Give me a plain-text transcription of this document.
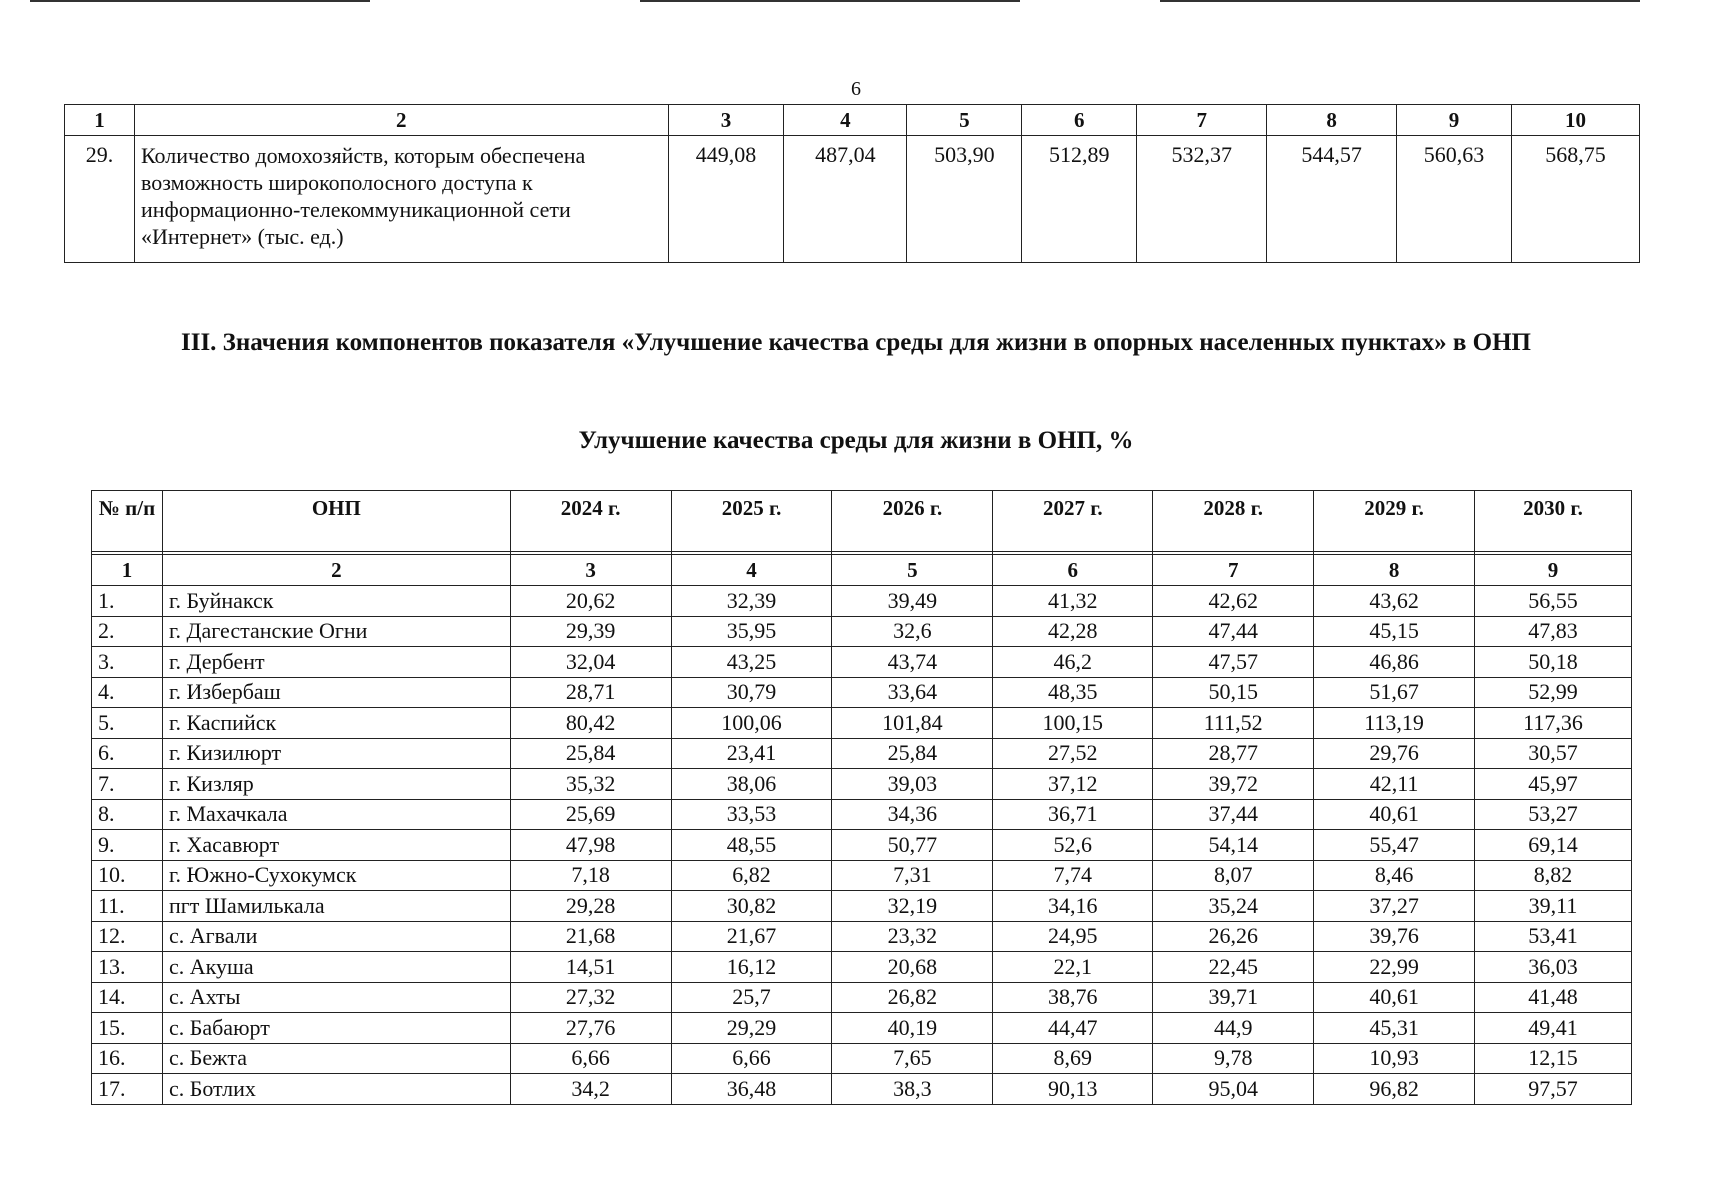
6
1	2	3	4	5	6	7	8	9	10
29.	Количество домохозяйств, которым обеспечена возможность широкополосного доступа к информационно-телекоммуникационной сети «Интернет» (тыс. ед.)	449,08	487,04	503,90	512,89	532,37	544,57	560,63	568,75
III. Значения компонентов показателя «Улучшение качества среды для жизни в опорных населенных пунктах» в ОНП
Улучшение качества среды для жизни в ОНП, %
№ п/п	ОНП	2024 г.	2025 г.	2026 г.	2027 г.	2028 г.	2029 г.	2030 г.

1	2	3	4	5	6	7	8	9
1.	г. Буйнакск	20,62	32,39	39,49	41,32	42,62	43,62	56,55
2.	г. Дагестанские Огни	29,39	35,95	32,6	42,28	47,44	45,15	47,83
3.	г. Дербент	32,04	43,25	43,74	46,2	47,57	46,86	50,18
4.	г. Избербаш	28,71	30,79	33,64	48,35	50,15	51,67	52,99
5.	г. Каспийск	80,42	100,06	101,84	100,15	111,52	113,19	117,36
6.	г. Кизилюрт	25,84	23,41	25,84	27,52	28,77	29,76	30,57
7.	г. Кизляр	35,32	38,06	39,03	37,12	39,72	42,11	45,97
8.	г. Махачкала	25,69	33,53	34,36	36,71	37,44	40,61	53,27
9.	г. Хасавюрт	47,98	48,55	50,77	52,6	54,14	55,47	69,14
10.	г. Южно-Сухокумск	7,18	6,82	7,31	7,74	8,07	8,46	8,82
11.	пгт Шамилькала	29,28	30,82	32,19	34,16	35,24	37,27	39,11
12.	с. Агвали	21,68	21,67	23,32	24,95	26,26	39,76	53,41
13.	с. Акуша	14,51	16,12	20,68	22,1	22,45	22,99	36,03
14.	с. Ахты	27,32	25,7	26,82	38,76	39,71	40,61	41,48
15.	с. Бабаюрт	27,76	29,29	40,19	44,47	44,9	45,31	49,41
16.	с. Бежта	6,66	6,66	7,65	8,69	9,78	10,93	12,15
17.	с. Ботлих	34,2	36,48	38,3	90,13	95,04	96,82	97,57
